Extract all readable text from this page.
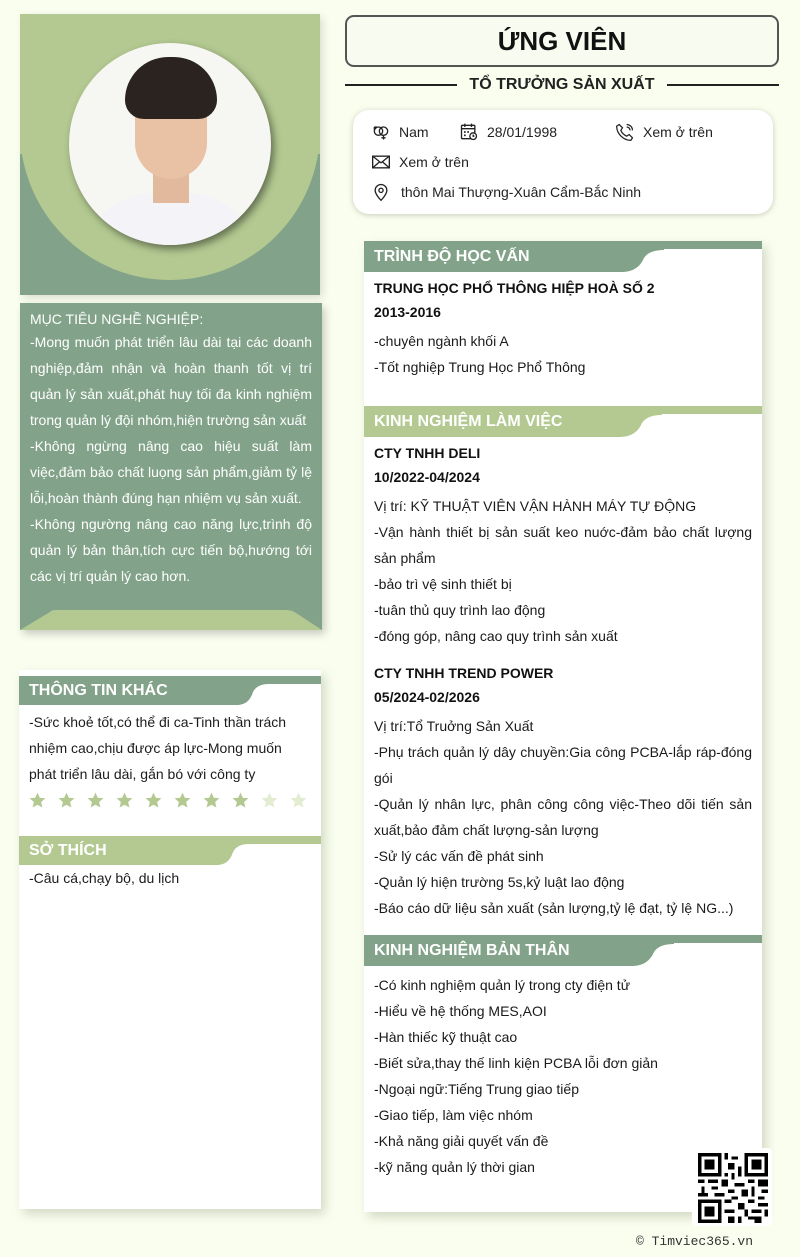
MỤC TIÊU NGHỀ NGHIỆP:
-Mong muốn phát triển lâu dài tại các doanh nghiệp,đảm nhận và hoàn thanh tốt vị trí quản lý sản xuất,phát huy tối đa kinh nghiệm trong quản lý đội nhóm,hiện trường sản xuất
-Không ngừng nâng cao hiệu suất làm việc,đảm bảo chất luọng sản phẩm,giảm tỷ lệ lỗi,hoàn thành đúng hạn nhiệm vụ sản xuất.
-Không ngường nâng cao năng lực,trình độ quản lý bản thân,tích cực tiến bộ,hướng tới các vị trí quản lý cao hơn.
THÔNG TIN KHÁC
-Sức khoẻ tốt,có thể đi ca-Tinh thần trách nhiệm cao,chịu được áp lực-Mong muốn phát triển lâu dài, gắn bó với công ty
SỞ THÍCH
-Câu cá,chạy bộ, du lịch
ỨNG VIÊN
TỔ TRƯỞNG SẢN XUẤT
Nam	28/01/1998	Xem ở trên
Xem ở trên
thôn Mai Thượng-Xuân Cẩm-Bắc Ninh
TRÌNH ĐỘ HỌC VẤN
TRUNG HỌC PHỔ THÔNG HIỆP HOÀ SỐ 2
2013-2016
-chuyên ngành khối A
-Tốt nghiệp Trung Học Phổ Thông
KINH NGHIỆM LÀM VIỆC
CTY TNHH DELI
10/2022-04/2024
Vị trí: KỸ THUẬT VIÊN VẬN HÀNH MÁY TỰ ĐỘNG
-Vận hành thiết bị sản suất keo nuớc-đảm bảo chất lượng sản phẩm
-bảo trì vệ sinh thiết bị
-tuân thủ quy trình lao động
-đóng góp, nâng cao quy trình sản xuất
CTY TNHH TREND POWER
05/2024-02/2026
Vị trí:Tổ Truởng Sản Xuất
-Phụ trách quản lý dây chuyền:Gia công PCBA-lắp ráp-đóng gói
-Quản lý nhân lực, phân công công việc-Theo dõi tiến sản xuất,bảo đảm chất lượng-sản lượng
-Sử lý các vấn đề phát sinh
-Quản lý hiện trường 5s,kỷ luật lao động
-Báo cáo dữ liệu sản xuất (sản lượng,tỷ lệ đạt, tỷ lệ NG...)
KINH NGHIỆM BẢN THÂN
-Có kinh nghiệm quản lý trong cty điện tử
-Hiểu về hệ thống MES,AOI
-Hàn thiếc kỹ thuật cao
-Biết sửa,thay thế linh kiện PCBA lỗi đơn giản
-Ngoại ngữ:Tiếng Trung giao tiếp
-Giao tiếp, làm việc nhóm
-Khả năng giải quyết vấn đề
-kỹ năng quản lý thời gian
© Timviec365.vn
